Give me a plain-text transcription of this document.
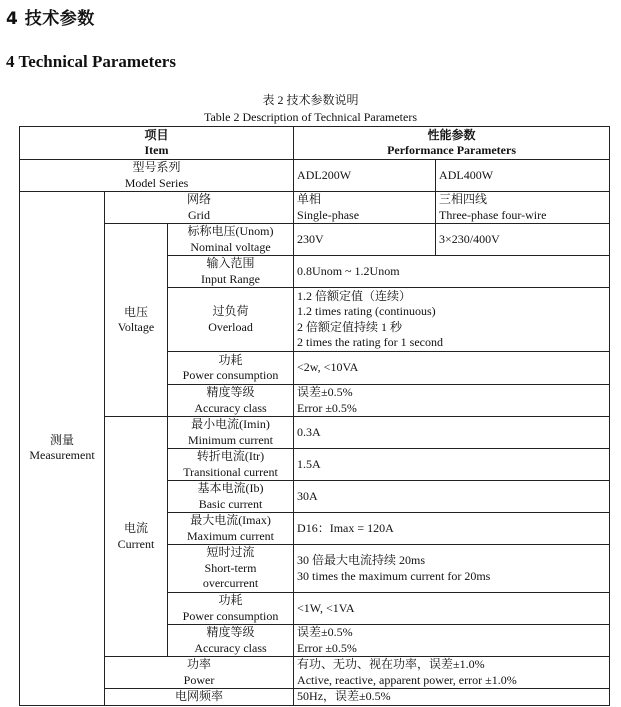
4 技术参数
4 Technical Parameters
表 2 技术参数说明
Table 2 Description of Technical Parameters
项目
Item			性能参数
Performance Parameters	

型号系列
Model Series			ADL200W	ADL400W

测量
Measurement	网络
Grid		单相
Single-phase	三相四线
Three-phase four-wire

	电压
Voltage	标称电压(Unom)
Nominal voltage	230V	3×230/400V

		输入范围
Input Range	0.8Unom ~ 1.2Unom	

		过负荷
Overload	1.2 倍额定值（连续）
1.2 times rating (continuous)
2 倍额定值持续 1 秒
2 times the rating for 1 second	

		功耗
Power consumption	<2w, <10VA	

		精度等级
Accuracy class	误差±0.5%
Error ±0.5%	

	电流
Current	最小电流(Imin)
Minimum current	0.3A	

		转折电流(Itr)
Transitional current	1.5A	

		基本电流(Ib)
Basic current	30A	

		最大电流(Imax)
Maximum current	D16：Imax = 120A	

		短时过流
Short-term
overcurrent	30 倍最大电流持续 20ms
30 times the maximum current for 20ms	

		功耗
Power consumption	<1W, <1VA	

		精度等级
Accuracy class	误差±0.5%
Error ±0.5%	

	功率
Power		有功、无功、视在功率，误差±1.0%
Active, reactive, apparent power, error ±1.0%	

	电网频率		50Hz，误差±0.5%	
